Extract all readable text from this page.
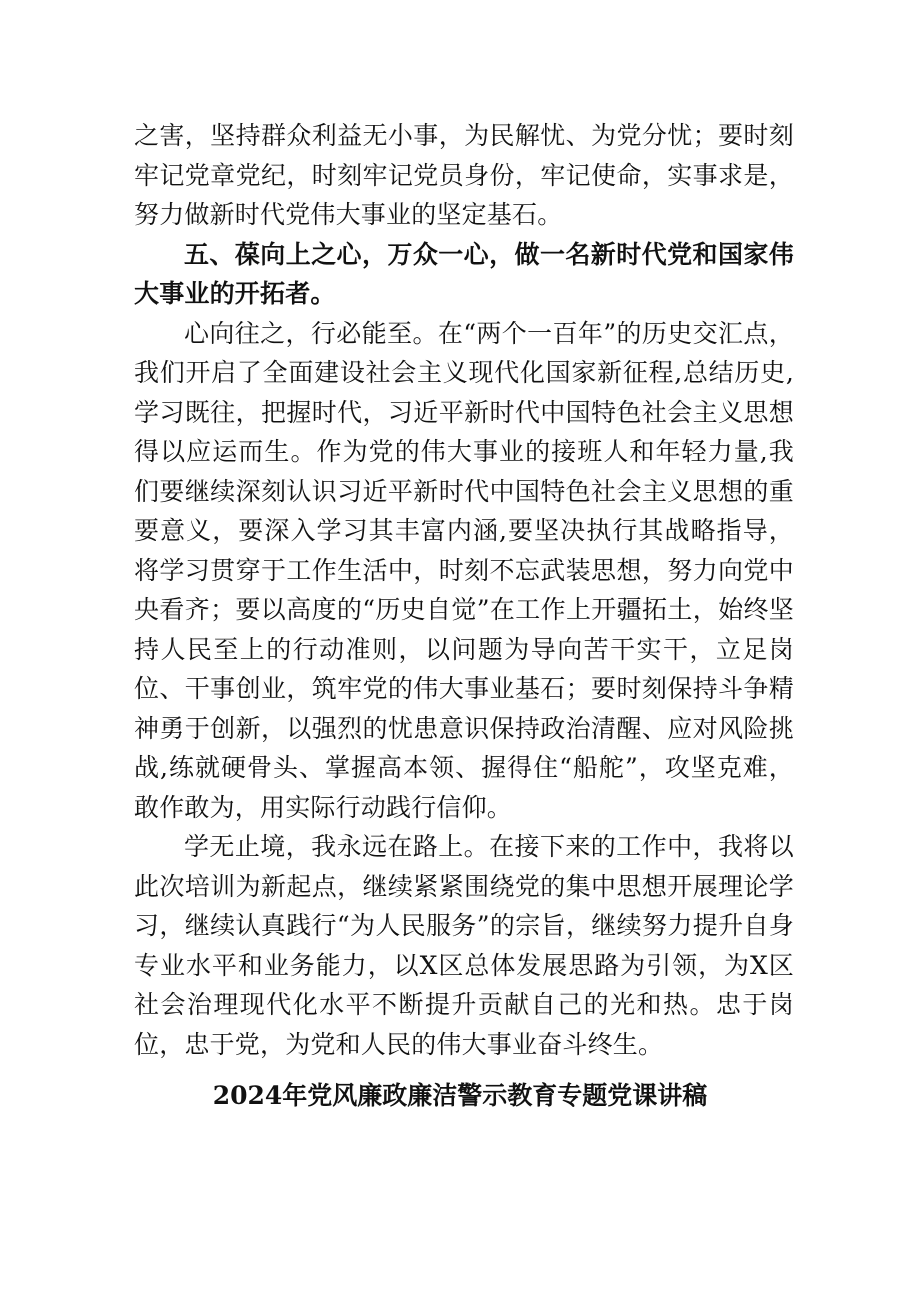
之害，坚持群众利益无小事，为民解忧、为党分忧；要时刻牢记党章党纪，时刻牢记党员身份，牢记使命，实事求是，努力做新时代党伟大事业的坚定基石。

五、葆向上之心，万众一心，做一名新时代党和国家伟大事业的开拓者。

心向往之，行必能至。在“两个一百年”的历史交汇点，我们开启了全面建设社会主义现代化国家新征程,总结历史,学习既往，把握时代，习近平新时代中国特色社会主义思想得以应运而生。作为党的伟大事业的接班人和年轻力量,我们要继续深刻认识习近平新时代中国特色社会主义思想的重要意义，要深入学习其丰富内涵,要坚决执行其战略指导，将学习贯穿于工作生活中，时刻不忘武装思想，努力向党中央看齐；要以高度的“历史自觉”在工作上开疆拓土，始终坚持人民至上的行动准则，以问题为导向苦干实干，立足岗位、干事创业，筑牢党的伟大事业基石；要时刻保持斗争精神勇于创新，以强烈的忧患意识保持政治清醒、应对风险挑战,练就硬骨头、掌握高本领、握得住“船舵”，攻坚克难，敢作敢为，用实际行动践行信仰。

学无止境，我永远在路上。在接下来的工作中，我将以此次培训为新起点，继续紧紧围绕党的集中思想开展理论学习，继续认真践行“为人民服务”的宗旨，继续努力提升自身专业水平和业务能力，以X区总体发展思路为引领，为X区社会治理现代化水平不断提升贡献自己的光和热。忠于岗位，忠于党，为党和人民的伟大事业奋斗终生。

2024年党风廉政廉洁警示教育专题党课讲稿
